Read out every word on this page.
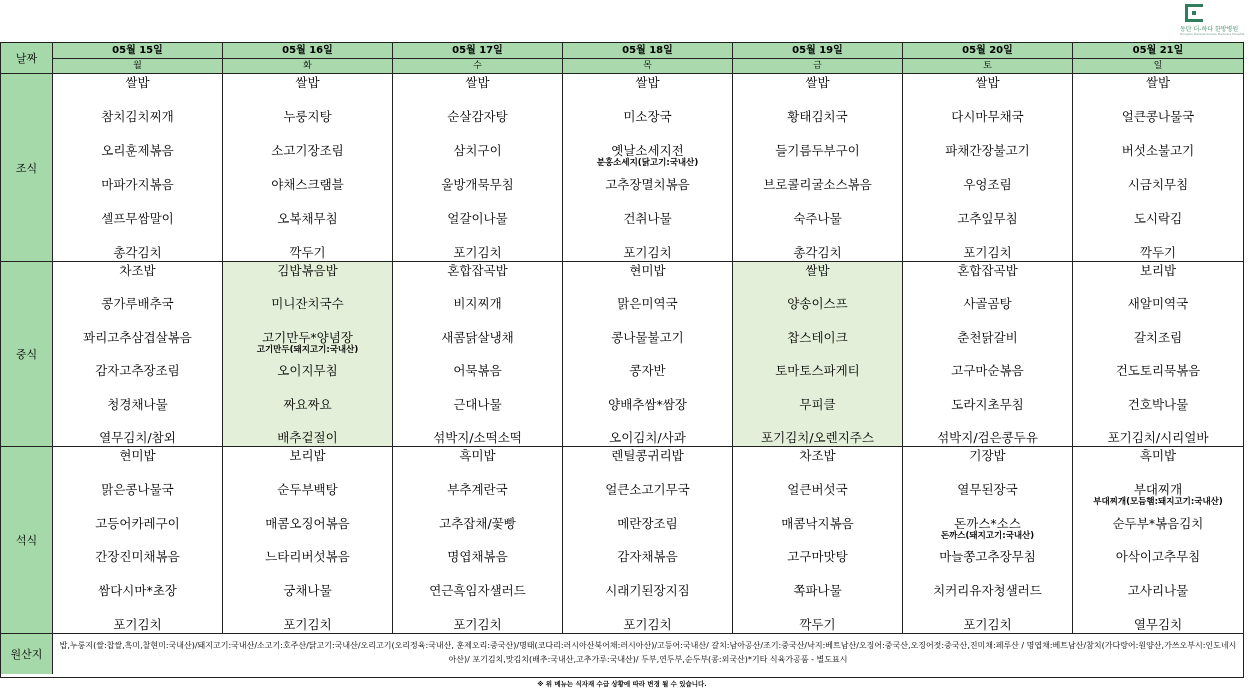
동탄 더-하다 한방병원
Dongtan Dehada Korean Medicine Hospital
날짜
05월 15일
월
05월 16일
화
05월 17일
수
05월 18일
목
05월 19일
금
05월 20일
토
05월 21일
일
조식
쌀밥
참치김치찌개
오리훈제볶음
마파가지볶음
셀프무쌈말이
총각김치
쌀밥
누룽지탕
소고기장조림
야채스크램블
오복채무침
깍두기
쌀밥
순살감자탕
삼치구이
울방개묵무침
얼갈이나물
포기김치
쌀밥
미소장국
옛날소세지전
고추장멸치볶음
건취나물
포기김치
분홍소세지(닭고기:국내산)
쌀밥
황태김치국
들기름두부구이
브로콜리굴소스볶음
숙주나물
총각김치
쌀밥
다시마무채국
파채간장불고기
우엉조림
고추잎무침
포기김치
쌀밥
얼큰콩나물국
버섯소불고기
시금치무침
도시락김
깍두기
중식
차조밥
콩가루배추국
꽈리고추삼겹살볶음
감자고추장조림
청경채나물
열무김치/참외
김밥볶음밥
미니잔치국수
고기만두*양념장
오이지무침
짜요짜요
배추겉절이
고기만두(돼지고기:국내산)
혼합잡곡밥
비지찌개
새콤닭살냉채
어묵볶음
근대나물
섞박지/소떡소떡
현미밥
맑은미역국
콩나물불고기
콩자반
양배추쌈*쌈장
오이김치/사과
쌀밥
양송이스프
찹스테이크
토마토스파게티
무피클
포기김치/오렌지주스
혼합잡곡밥
사골곰탕
춘천닭갈비
고구마순볶음
도라지초무침
섞박지/검은콩두유
보리밥
새알미역국
갈치조림
건도토리묵볶음
건호박나물
포기김치/시리얼바
석식
현미밥
맑은콩나물국
고등어카레구이
간장진미채볶음
쌈다시마*초장
포기김치
보리밥
순두부백탕
매콤오징어볶음
느타리버섯볶음
궁채나물
포기김치
흑미밥
부추계란국
고추잡채/꽃빵
명엽채볶음
연근흑임자샐러드
포기김치
렌틸콩귀리밥
얼큰소고기무국
메란장조림
감자채볶음
시래기된장지짐
포기김치
차조밥
얼큰버섯국
매콤낙지볶음
고구마맛탕
쪽파나물
깍두기
기장밥
열무된장국
돈까스*소스
마늘쫑고추장무침
치커리유자청샐러드
포기김치
돈까스(돼지고기:국내산)
흑미밥
부대찌개
순두부*볶음김치
아삭이고추무침
고사리나물
열무김치
부대찌개(모듬햄:돼지고기:국내산)
원산지
밥,누룽지(쌀:찹쌀,흑미,찰현미:국내산)/돼지고기:국내산/소고기:호주산/닭고기:국내산/오리고기(오리정육:국내산, 훈제오리:중국산)/명태(코다리:러시아산북어채:러시아산)/고등어:국내산/ 갈치:남아공산/조기:중국산/낙지:베트남산/오징어:중국산,오징어젓:중국산,진미채:페루산 / 명엽채:베트남산/참치(가다랑어:원양산,가쓰오부시:인도네시아산)/ 포기김치,맛김치(배추:국내산,고추가루:국내산)/ 두부,연두부,순두부(콩:외국산)*기타 식육가공품 - 별도표시
※ 위 메뉴는 식자재 수급 상황에 따라 변경 될 수 있습니다.
